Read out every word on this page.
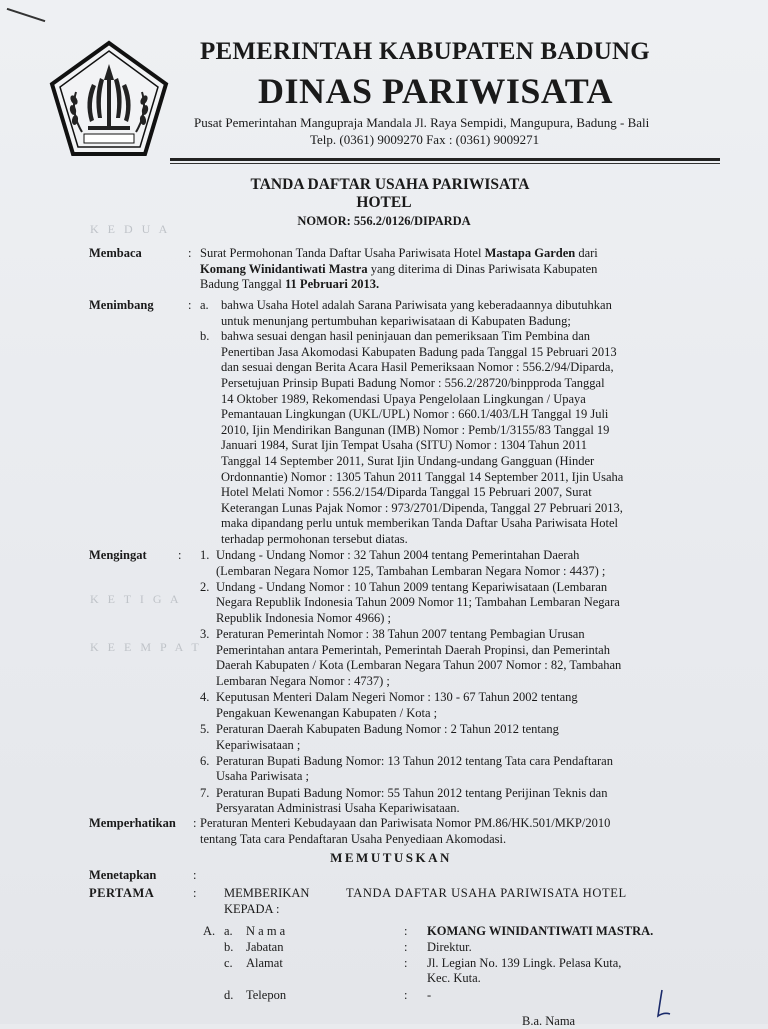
K E D U A
K E T I G A
K E E M P A T
PEMERINTAH KABUPATEN BADUNG
DINAS PARIWISATA
Pusat Pemerintahan Mangupraja Mandala Jl. Raya Sempidi, Mangupura, Badung - Bali
Telp. (0361) 9009270 Fax : (0361) 9009271
TANDA DAFTAR USAHA PARIWISATA
HOTEL
NOMOR: 556.2/0126/DIPARDA
Membaca	: Surat Permohonan Tanda Daftar Usaha Pariwisata Hotel Mastapa Garden dari
Komang Winidantiwati Mastra yang diterima di Dinas Pariwisata Kabupaten
Badung Tanggal 11 Pebruari 2013.
Menimbang	: a. bahwa Usaha Hotel adalah Sarana Pariwisata yang keberadaannya dibutuhkan
untuk menunjang pertumbuhan kepariwisataan di Kabupaten Badung;
b. bahwa sesuai dengan hasil peninjauan dan pemeriksaan Tim Pembina dan
Penertiban Jasa Akomodasi Kabupaten Badung pada Tanggal 15 Pebruari 2013
dan sesuai dengan Berita Acara Hasil Pemeriksaan Nomor : 556.2/94/Diparda,
Persetujuan Prinsip Bupati Badung Nomor : 556.2/28720/binpproda Tanggal
14 Oktober 1989, Rekomendasi Upaya Pengelolaan Lingkungan / Upaya
Pemantauan Lingkungan (UKL/UPL) Nomor : 660.1/403/LH Tanggal 19 Juli
2010, Ijin Mendirikan Bangunan (IMB) Nomor : Pemb/1/3155/83 Tanggal 19
Januari 1984, Surat Ijin Tempat Usaha (SITU) Nomor : 1304 Tahun 2011
Tanggal 14 September 2011, Surat Ijin Undang-undang Gangguan (Hinder
Ordonnantie) Nomor : 1305 Tahun 2011 Tanggal 14 September 2011, Ijin Usaha
Hotel Melati Nomor : 556.2/154/Diparda Tanggal 15 Pebruari 2007, Surat
Keterangan Lunas Pajak Nomor : 973/2701/Dipenda, Tanggal 27 Pebruari 2013,
maka dipandang perlu untuk memberikan Tanda Daftar Usaha Pariwisata Hotel
terhadap permohonan tersebut diatas.
Mengingat	: 1. Undang - Undang Nomor : 32 Tahun 2004 tentang Pemerintahan Daerah
(Lembaran Negara Nomor 125, Tambahan Lembaran Negara Nomor : 4437) ;
2. Undang - Undang Nomor : 10 Tahun 2009 tentang Kepariwisataan (Lembaran
Negara Republik Indonesia Tahun 2009 Nomor 11; Tambahan Lembaran Negara
Republik Indonesia Nomor 4966) ;
3. Peraturan Pemerintah Nomor : 38 Tahun 2007 tentang Pembagian Urusan
Pemerintahan antara Pemerintah, Pemerintah Daerah Propinsi, dan Pemerintah
Daerah Kabupaten / Kota (Lembaran Negara Tahun 2007 Nomor : 82, Tambahan
Lembaran Negara Nomor : 4737) ;
4. Keputusan Menteri Dalam Negeri Nomor : 130 - 67 Tahun 2002 tentang
Pengakuan Kewenangan Kabupaten / Kota ;
5. Peraturan Daerah Kabupaten Badung Nomor : 2 Tahun 2012 tentang
Kepariwisataan ;
6. Peraturan Bupati Badung Nomor: 13 Tahun 2012 tentang Tata cara Pendaftaran
Usaha Pariwisata ;
7. Peraturan Bupati Badung Nomor: 55 Tahun 2012 tentang Perijinan Teknis dan
Persyaratan Administrasi Usaha Kepariwisataan.
Memperhatikan : Peraturan Menteri Kebudayaan dan Pariwisata Nomor PM.86/HK.501/MKP/2010
tentang Tata cara Pendaftaran Usaha Penyediaan Akomodasi.
MEMUTUSKAN
Menetapkan	:
PERTAMA	: MEMBERIKAN	TANDA DAFTAR USAHA PARIWISATA HOTEL
KEPADA :
A. a. N a m a	: KOMANG WINIDANTIWATI MASTRA.
b. Jabatan	: Direktur.
c. Alamat	: Jl. Legian No. 139 Lingk. Pelasa Kuta,
Kec. Kuta.
d. Telepon	: -
B.a. Nama
